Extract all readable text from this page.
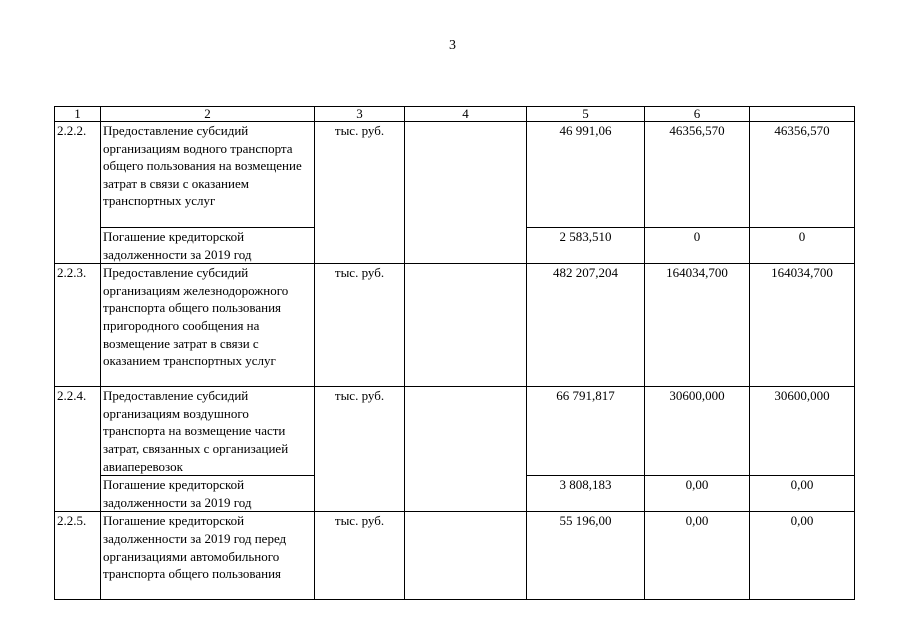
3
1	2	3	4	5	6	
2.2.2.	Предоставление субсидий организациям водного транспорта общего пользования на возмещение затрат в связи с оказанием транспортных услуг	тыс. руб.		46 991,06	46356,570	46356,570
	Погашение кредиторской задолженности за 2019 год			2 583,510	0	0
2.2.3.	Предоставление субсидий организациям железнодорожного транспорта общего пользования пригородного сообщения на возмещение затрат в связи с оказанием транспортных услуг	тыс. руб.		482 207,204	164034,700	164034,700
2.2.4.	Предоставление субсидий организациям воздушного транспорта на возмещение части затрат, связанных с организацией авиаперевозок	тыс. руб.		66 791,817	30600,000	30600,000
	Погашение кредиторской задолженности за 2019 год			3 808,183	0,00	0,00
2.2.5.	Погашение кредиторской задолженности за 2019 год перед организациями автомобильного транспорта общего пользования	тыс. руб.		55 196,00	0,00	0,00
